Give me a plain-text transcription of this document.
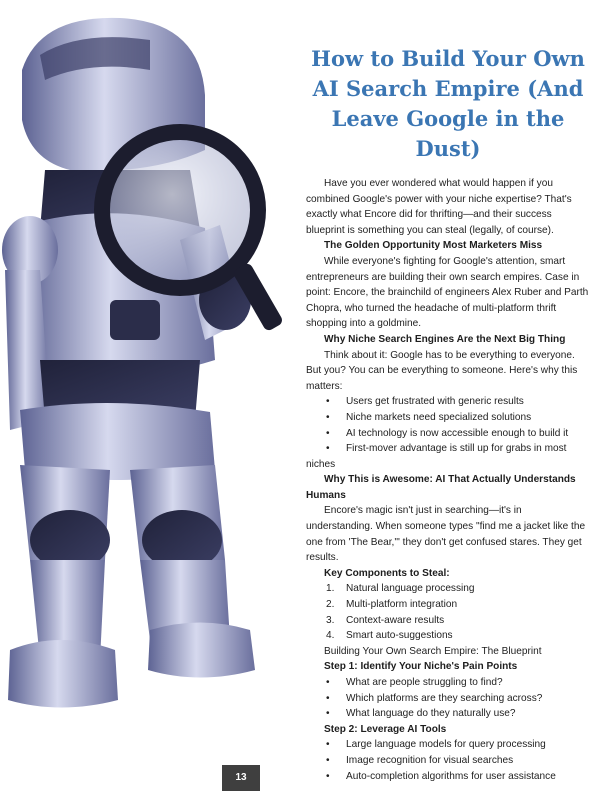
How to Build Your Own AI Search Empire (And Leave Google in the Dust)

Have you ever wondered what would happen if you combined Google's power with your niche expertise? That's exactly what Encore did for thrifting—and their success blueprint is something you can steal (legally, of course).

The Golden Opportunity Most Marketers Miss

While everyone's fighting for Google's attention, smart entrepreneurs are building their own search empires. Case in point: Encore, the brainchild of engineers Alex Ruber and Parth Chopra, who turned the headache of multi-platform thrift shopping into a goldmine.

Why Niche Search Engines Are the Next Big Thing

Think about it: Google has to be everything to everyone. But you? You can be everything to someone. Here's why this matters:

• Users get frustrated with generic results
• Niche markets need specialized solutions
• AI technology is now accessible enough to build it
• First-mover advantage is still up for grabs in most niches

Why This is Awesome: AI That Actually Understands Humans

Encore's magic isn't just in searching—it's in understanding. When someone types "find me a jacket like the one from 'The Bear,'" they don't get confused stares. They get results.

Key Components to Steal:

1. Natural language processing
2. Multi-platform integration
3. Context-aware results
4. Smart auto-suggestions

Building Your Own Search Empire: The Blueprint

Step 1: Identify Your Niche's Pain Points

• What are people struggling to find?
• Which platforms are they searching across?
• What language do they naturally use?

Step 2: Leverage AI Tools

• Large language models for query processing
• Image recognition for visual searches
• Auto-completion algorithms for user assistance
13
